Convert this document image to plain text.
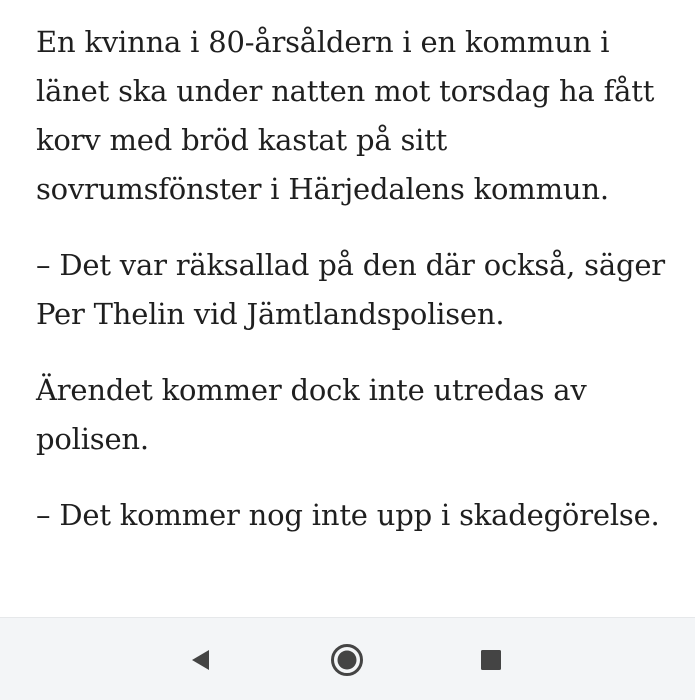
En kvinna i 80-årsåldern i en kommun i länet ska under natten mot torsdag ha fått korv med bröd kastat på sitt sovrumsfönster i Härjedalens kommun.

– Det var räksallad på den där också, säger Per Thelin vid Jämtlandspolisen.

Ärendet kommer dock inte utredas av polisen.

– Det kommer nog inte upp i skadegörelse.
